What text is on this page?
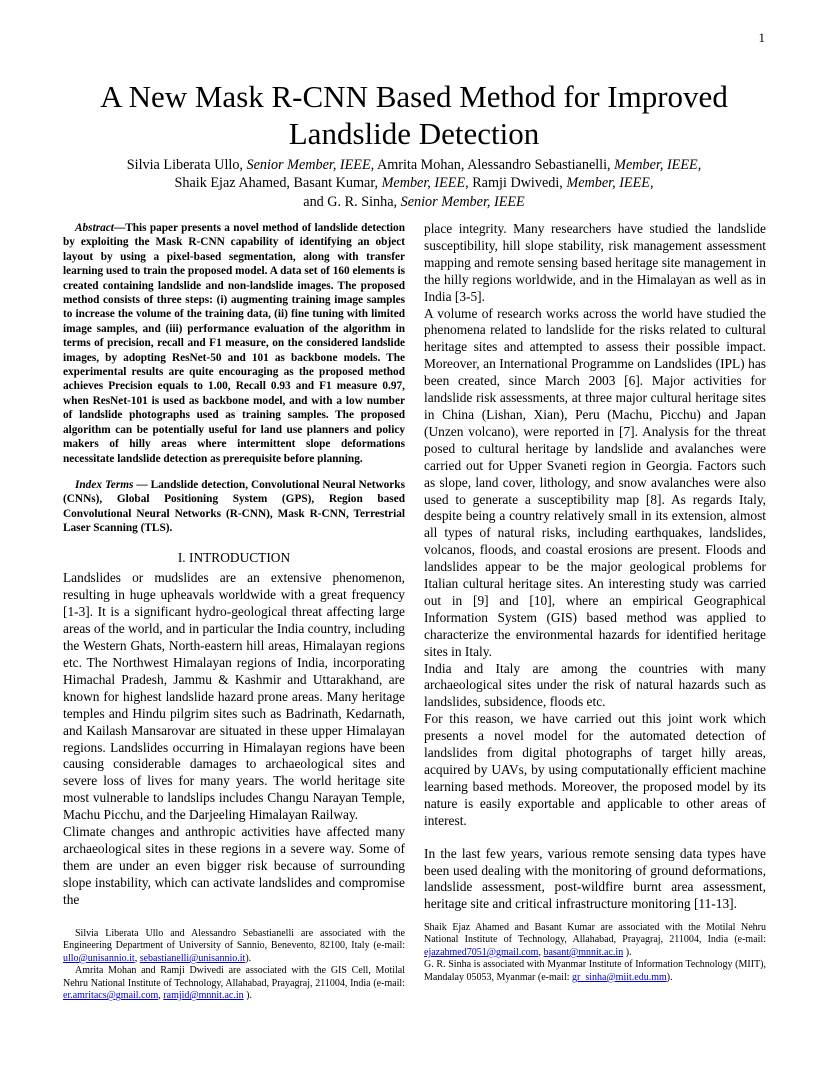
1
A New Mask R-CNN Based Method for Improved Landslide Detection
Silvia Liberata Ullo, Senior Member, IEEE, Amrita Mohan, Alessandro Sebastianelli, Member, IEEE,
Shaik Ejaz Ahamed, Basant Kumar, Member, IEEE, Ramji Dwivedi, Member, IEEE,
and G. R. Sinha, Senior Member, IEEE

Abstract—This paper presents a novel method of landslide detection by exploiting the Mask R-CNN capability of identifying an object layout by using a pixel-based segmentation, along with transfer learning used to train the proposed model. A data set of 160 elements is created containing landslide and non-landslide images. The proposed method consists of three steps: (i) augmenting training image samples to increase the volume of the training data, (ii) fine tuning with limited image samples, and (iii) performance evaluation of the algorithm in terms of precision, recall and F1 measure, on the considered landslide images, by adopting ResNet-50 and 101 as backbone models. The experimental results are quite encouraging as the proposed method achieves Precision equals to 1.00, Recall 0.93 and F1 measure 0.97, when ResNet-101 is used as backbone model, and with a low number of landslide photographs used as training samples. The proposed algorithm can be potentially useful for land use planners and policy makers of hilly areas where intermittent slope deformations necessitate landslide detection as prerequisite before planning.

Index Terms — Landslide detection, Convolutional Neural Networks (CNNs), Global Positioning System (GPS), Region based Convolutional Neural Networks (R-CNN), Mask R-CNN, Terrestrial Laser Scanning (TLS).

I. INTRODUCTION

Landslides or mudslides are an extensive phenomenon, resulting in huge upheavals worldwide with a great frequency [1-3]. It is a significant hydro-geological threat affecting large areas of the world, and in particular the India country, including the Western Ghats, North-eastern hill areas, Himalayan regions etc. The Northwest Himalayan regions of India, incorporating Himachal Pradesh, Jammu & Kashmir and Uttarakhand, are known for highest landslide hazard prone areas. Many heritage temples and Hindu pilgrim sites such as Badrinath, Kedarnath, and Kailash Mansarovar are situated in these upper Himalayan regions. Landslides occurring in Himalayan regions have been causing considerable damages to archaeological sites and severe loss of lives for many years. The world heritage site most vulnerable to landslips includes Changu Narayan Temple, Machu Picchu, and the Darjeeling Himalayan Railway.

Climate changes and anthropic activities have affected many archaeological sites in these regions in a severe way. Some of them are under an even bigger risk because of surrounding slope instability, which can activate landslides and compromise the

place integrity. Many researchers have studied the landslide susceptibility, hill slope stability, risk management assessment mapping and remote sensing based heritage site management in the hilly regions worldwide, and in the Himalayan as well as in India [3-5].

A volume of research works across the world have studied the phenomena related to landslide for the risks related to cultural heritage sites and attempted to assess their possible impact. Moreover, an International Programme on Landslides (IPL) has been created, since March 2003 [6]. Major activities for landslide risk assessments, at three major cultural heritage sites in China (Lishan, Xian), Peru (Machu, Picchu) and Japan (Unzen volcano), were reported in [7]. Analysis for the threat posed to cultural heritage by landslide and avalanches were carried out for Upper Svaneti region in Georgia. Factors such as slope, land cover, lithology, and snow avalanches were also used to generate a susceptibility map [8]. As regards Italy, despite being a country relatively small in its extension, almost all types of natural risks, including earthquakes, landslides, volcanos, floods, and coastal erosions are present. Floods and landslides appear to be the major geological problems for Italian cultural heritage sites. An interesting study was carried out in [9] and [10], where an empirical Geographical Information System (GIS) based method was applied to characterize the environmental hazards for identified heritage sites in Italy.

India and Italy are among the countries with many archaeological sites under the risk of natural hazards such as landslides, subsidence, floods etc.

For this reason, we have carried out this joint work which presents a novel model for the automated detection of landslides from digital photographs of target hilly areas, acquired by UAVs, by using computationally efficient machine learning based methods. Moreover, the proposed model by its nature is easily exportable and applicable to other areas of interest.

In the last few years, various remote sensing data types have been used dealing with the monitoring of ground deformations, landslide assessment, post-wildfire burnt area assessment, heritage site and critical infrastructure monitoring [11-13].

Silvia Liberata Ullo and Alessandro Sebastianelli are associated with the Engineering Department of University of Sannio, Benevento, 82100, Italy (e-mail: ullo@unisannio.it, sebastianelli@unisannio.it).

Amrita Mohan and Ramji Dwivedi are associated with the GIS Cell, Motilal Nehru National Institute of Technology, Allahabad, Prayagraj, 211004, India (e-mail: er.amritacs@gmail.com, ramjid@mnnit.ac.in ).

Shaik Ejaz Ahamed and Basant Kumar are associated with the Motilal Nehru National Institute of Technology, Allahabad, Prayagraj, 211004, India (e-mail: ejazahmed7051@gmail.com, basant@mnnit.ac.in ).

G. R. Sinha is associated with Myanmar Institute of Information Technology (MIIT), Mandalay 05053, Myanmar (e-mail: gr_sinha@miit.edu.mm).
